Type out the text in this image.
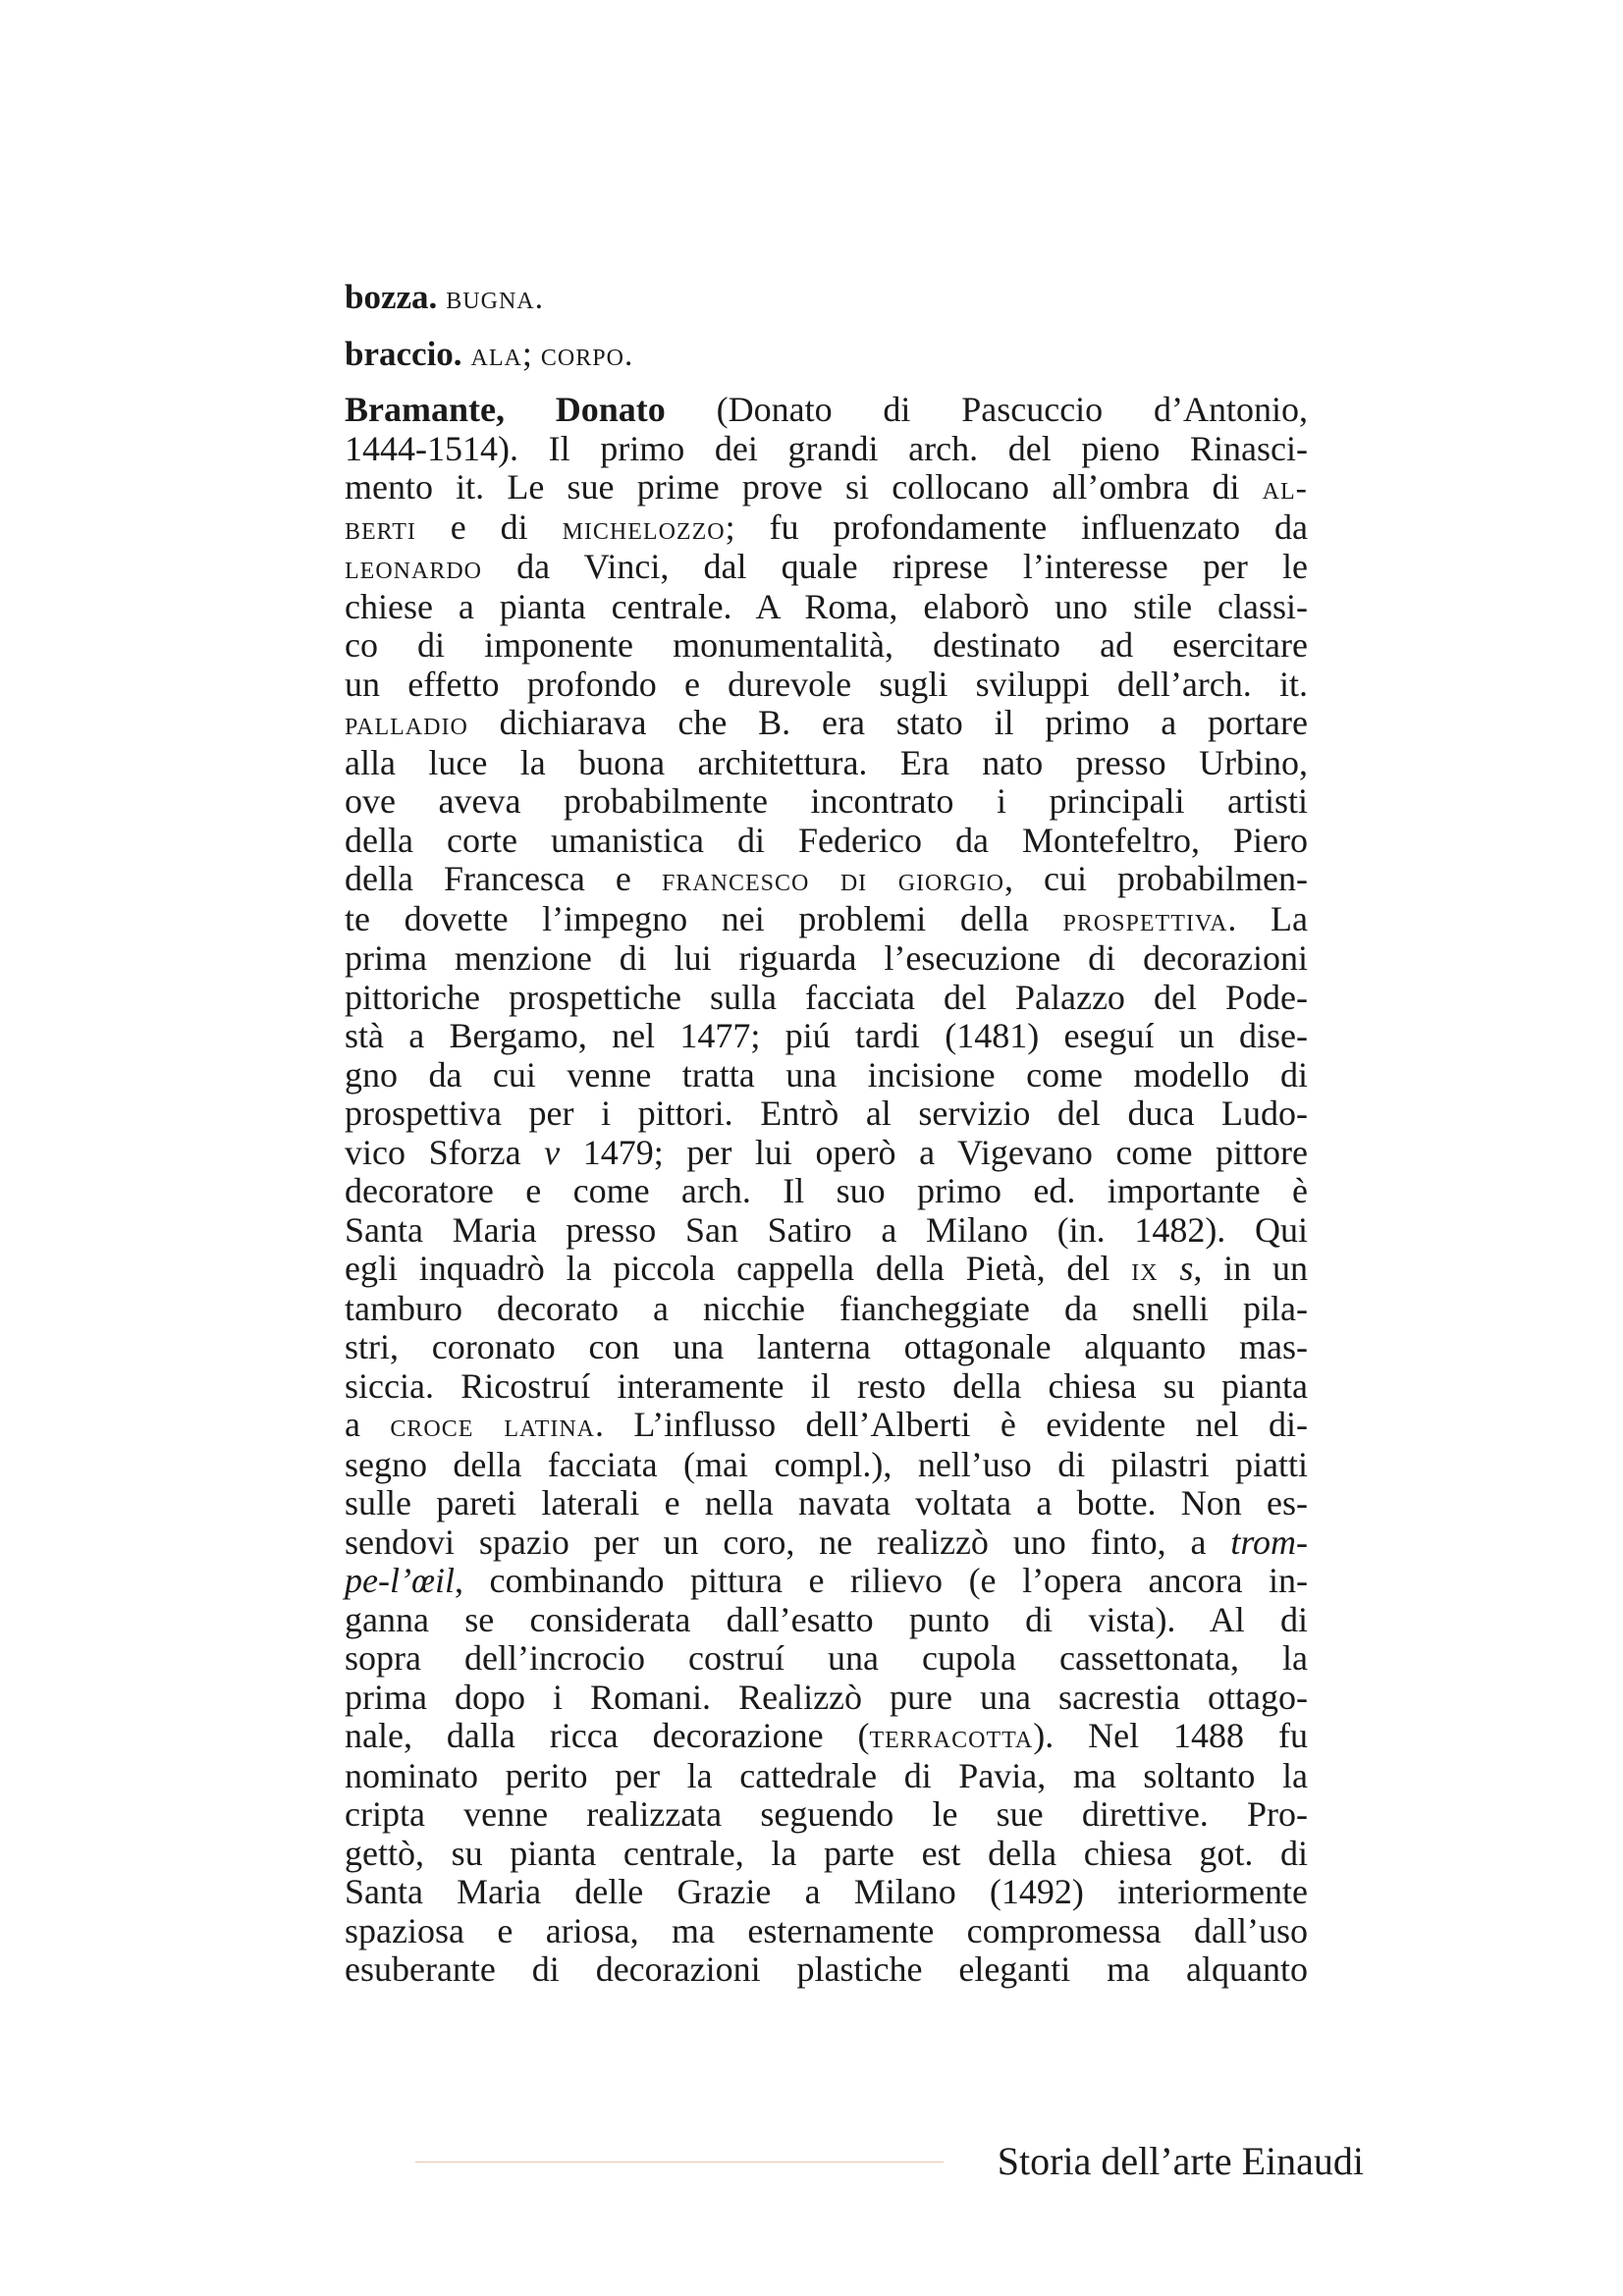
bozza. bugna.

braccio. ala; corpo.

Bramante, Donato (Donato di Pascuccio d’Antonio,

1444-1514). Il primo dei grandi arch. del pieno Rinasci-

mento it. Le sue prime prove si collocano all’ombra di al-

berti e di michelozzo; fu profondamente influenzato da

leonardo da Vinci, dal quale riprese l’interesse per le

chiese a pianta centrale. A Roma, elaborò uno stile classi-

co di imponente monumentalità, destinato ad esercitare

un effetto profondo e durevole sugli sviluppi dell’arch. it.

palladio dichiarava che B. era stato il primo a portare

alla luce la buona architettura. Era nato presso Urbino,

ove aveva probabilmente incontrato i principali artisti

della corte umanistica di Federico da Montefeltro, Piero

della Francesca e francesco di giorgio, cui probabilmen-

te dovette l’impegno nei problemi della prospettiva. La

prima menzione di lui riguarda l’esecuzione di decorazioni

pittoriche prospettiche sulla facciata del Palazzo del Pode-

stà a Bergamo, nel 1477; piú tardi (1481) eseguí un dise-

gno da cui venne tratta una incisione come modello di

prospettiva per i pittori. Entrò al servizio del duca Ludo-

vico Sforza v 1479; per lui operò a Vigevano come pittore

decoratore e come arch. Il suo primo ed. importante è

Santa Maria presso San Satiro a Milano (in. 1482). Qui

egli inquadrò la piccola cappella della Pietà, del ix s, in un

tamburo decorato a nicchie fiancheggiate da snelli pila-

stri, coronato con una lanterna ottagonale alquanto mas-

siccia. Ricostruí interamente il resto della chiesa su pianta

a croce latina. L’influsso dell’Alberti è evidente nel di-

segno della facciata (mai compl.), nell’uso di pilastri piatti

sulle pareti laterali e nella navata voltata a botte. Non es-

sendovi spazio per un coro, ne realizzò uno finto, a trom-

pe-l’œil, combinando pittura e rilievo (e l’opera ancora in-

ganna se considerata dall’esatto punto di vista). Al di

sopra dell’incrocio costruí una cupola cassettonata, la

prima dopo i Romani. Realizzò pure una sacrestia ottago-

nale, dalla ricca decorazione (terracotta). Nel 1488 fu

nominato perito per la cattedrale di Pavia, ma soltanto la

cripta venne realizzata seguendo le sue direttive. Pro-

gettò, su pianta centrale, la parte est della chiesa got. di

Santa Maria delle Grazie a Milano (1492) interiormente

spaziosa e ariosa, ma esternamente compromessa dall’uso

esuberante di decorazioni plastiche eleganti ma alquanto

Storia dell’arte Einaudi
